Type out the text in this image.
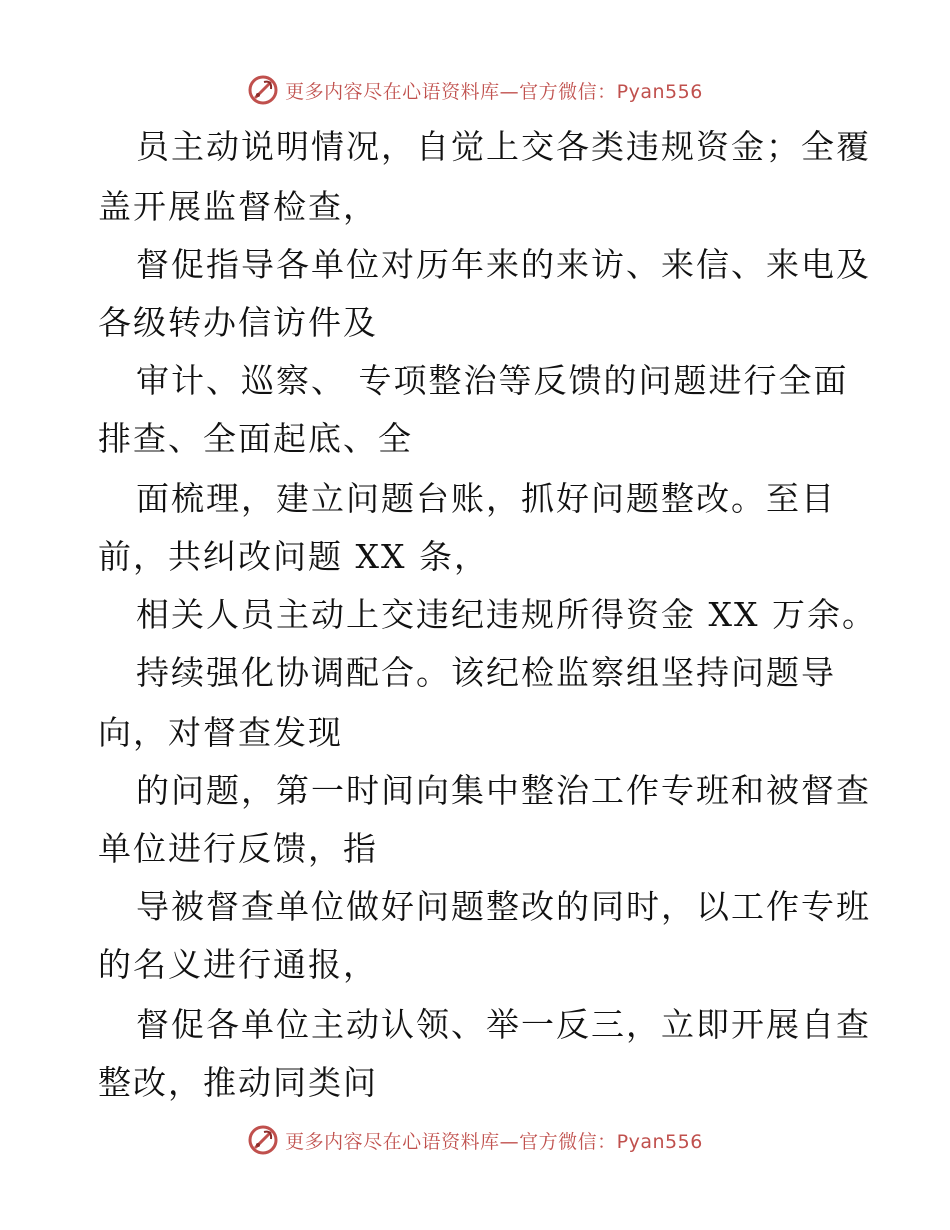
更多内容尽在心语资料库—官方微信：Pyan556
员主动说明情况，自觉上交各类违规资金；全覆
盖开展监督检查，
督促指导各单位对历年来的来访、来信、来电及
各级转办信访件及
审计、巡察、 专项整治等反馈的问题进行全面
排查、全面起底、全
面梳理，建立问题台账，抓好问题整改。至目
前，共纠改问题 XX 条，
相关人员主动上交违纪违规所得资金 XX 万余。
持续强化协调配合。该纪检监察组坚持问题导
向，对督查发现
的问题，第一时间向集中整治工作专班和被督查
单位进行反馈，指
导被督查单位做好问题整改的同时，以工作专班
的名义进行通报，
督促各单位主动认领、举一反三，立即开展自查
整改，推动同类问
更多内容尽在心语资料库—官方微信：Pyan556
